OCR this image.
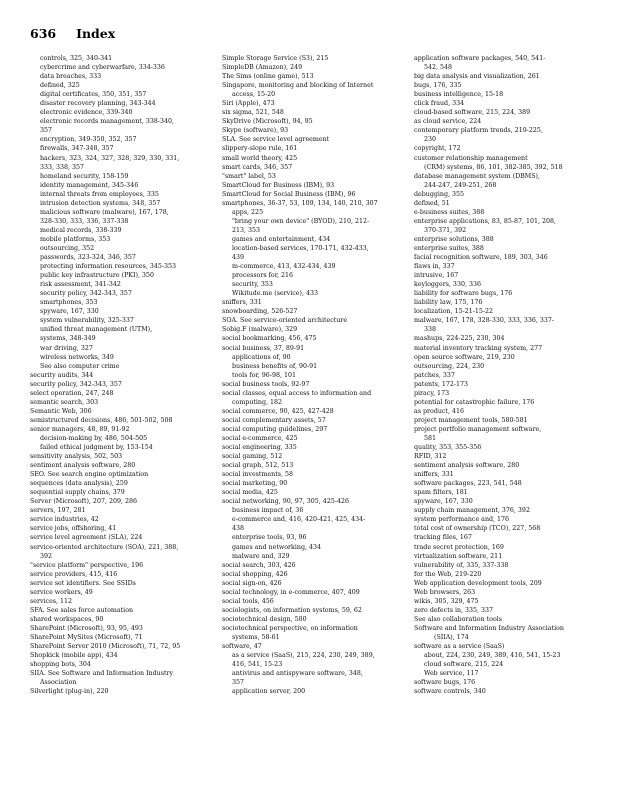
636 Index
controls, 325, 340-341
cybercrime and cyberwarfare, 334-336
data breaches, 333
defined, 325
digital certificates, 350, 351, 357
disaster recovery planning, 343-344
electronic evidence, 339-340
electronic records management, 338-340,
357
encryption, 349-350, 352, 357
firewalls, 347-348, 357
hackers, 323, 324, 327, 328, 329, 330, 331,
333, 338, 357
homeland security, 158-159
identity management, 345-346
internal threats from employees, 335
intrusion detection systems, 348, 357
malicious software (malware), 167, 178,
328-330, 333, 336, 337-338
medical records, 338-339
mobile platforms, 353
outsourcing, 352
passwords, 323-324, 346, 357
protecting information resources, 345-353
public key infrastructure (PKI), 350
risk assessment, 341-342
security policy, 342-343, 357
smartphones, 353
spyware, 167, 330
system vulnerability, 325-337
unified threat management (UTM),
systems, 348-349
war driving, 327
wireless networks, 349
See also computer crime
security audits, 344
security policy, 342-343, 357
select operation, 247, 248
semantic search, 303
Semantic Web, 306
semistructured decisions, 486, 501-502, 508
senior managers, 48, 89, 91-92
decision-making by, 486, 504-505
failed ethical judgment by, 153-154
sensitivity analysis, 502, 503
sentiment analysis software, 280
SEO. See search engine optimization
sequences (data analysis), 259
sequential supply chains, 379
Server (Microsoft), 207, 209, 286
servers, 197, 281
service industries, 42
service jobs, offshoring, 41
service level agreement (SLA), 224
service-oriented architecture (SOA), 221, 388,
392
"service platform" perspective, 196
service providers, 415, 416
service set identifiers. See SSIDs
service workers, 49
services, 112
SFA. See sales force automation
shared workspaces, 90
SharePoint (Microsoft), 93, 95, 493
SharePoint MySites (Microsoft), 71
SharePoint Server 2010 (Microsoft), 71, 72, 95
Shopkick (mobile app), 434
shopping bots, 304
SIIA. See Software and Information Industry
Association
Silverlight (plug-in), 220
Simple Storage Service (S3), 215
SimpleDB (Amazon), 249
The Sims (online game), 513
Singapore, monitoring and blocking of Internet
access, 15-20
Siri (Apple), 473
six sigma, 521, 548
SkyDrive (Microsoft), 94, 95
Skype (software), 93
SLA. See service level agreement
slippery-slope rule, 161
small world theory, 425
smart cards, 346, 357
"smart" label, 53
SmartCloud for Business (IBM), 93
SmartCloud for Social Business (IBM), 96
smartphones, 36-37, 53, 109, 134, 140, 210, 307
apps, 225
"bring your own device" (BYOD), 210, 212-
213, 353
games and entertainment, 434
location-based services, 170-171, 432-433,
439
m-commerce, 413, 432-434, 439
processors for, 216
security, 353
Wikitude.me (service), 433
sniffers, 331
snowboarding, 526-527
SOA. See service-oriented architecture
Sobig.F (malware), 329
social bookmarking, 456, 475
social business, 37, 89-91
applications of, 90
business benefits of, 90-91
tools for, 96-98, 101
social business tools, 92-97
social classes, equal access to information and
computing, 182
social commerce, 90, 425, 427-428
social complementary assets, 57
social computing guidelines, 297
social e-commerce, 425
social engineering, 335
social gaming, 512
social graph, 512, 513
social investments, 58
social marketing, 90
social media, 425
social networking, 90, 97, 305, 425-426
business impact of, 36
e-commerce and, 416, 420-421, 425, 434-
438
enterprise tools, 93, 96
games and networking, 434
malware and, 329
social search, 303, 426
social shopping, 426
social sign-on, 426
social technology, in e-commerce, 407, 409
social tools, 456
sociologists, on information systems, 59, 62
sociotechnical design, 580
sociotechnical perspective, on information
systems, 58-61
software, 47
as a service (SaaS), 215, 224, 230, 249, 389,
416, 541, 15-23
antivirus and antispyware software, 348,
357
application server, 200
application software packages, 540, 541-
542, 548
big data analysis and visualization, 261
bugs, 176, 335
business intelligence, 15-18
click fraud, 334
cloud-based software, 215, 224, 389
as cloud service, 224
contemporary platform trends, 219-225,
230
copyright, 172
customer relationship management
(CRM) systems, 86, 101, 382-385, 392, 518
database management system (DBMS),
244-247, 249-251, 268
debugging, 355
defined, 51
e-business suites, 388
enterprise applications, 83, 85-87, 101, 208,
370-371, 392
enterprise solutions, 388
enterprise suites, 388
facial recognition software, 189, 303, 346
flaws in, 337
intrusive, 167
keyloggers, 330, 336
liability for software bugs, 176
liability law, 175, 176
localization, 15-21-15-22
malware, 167, 178, 328-330, 333, 336, 337-
338
mashups, 224-225, 230, 304
material inventory tracking system, 277
open source software, 219, 230
outsourcing, 224, 230
patches, 337
patents, 172-173
piracy, 173
potential for catastrophic failure, 176
as product, 416
project management tools, 580-581
project portfolio management software,
581
quality, 353, 355-356
RFID, 312
sentiment analysis software, 280
sniffers, 331
software packages, 223, 541, 548
spam filters, 181
spyware, 167, 330
supply chain management, 376, 392
system performance and, 176
total cost of ownership (TCO), 227, 568
tracking files, 167
trade secret protection, 169
virtualization software, 211
vulnerability of, 335, 337-338
for the Web, 219-220
Web application development tools, 209
Web browsers, 263
wikis, 305, 329, 475
zero defects in, 335, 337
See also collaboration tools
Software and Information Industry Association
(SIIA), 174
software as a service (SaaS)
about, 224, 230, 249, 389, 416, 541, 15-23
cloud software, 215, 224
Web service, 117
software bugs, 176
software controls, 340
